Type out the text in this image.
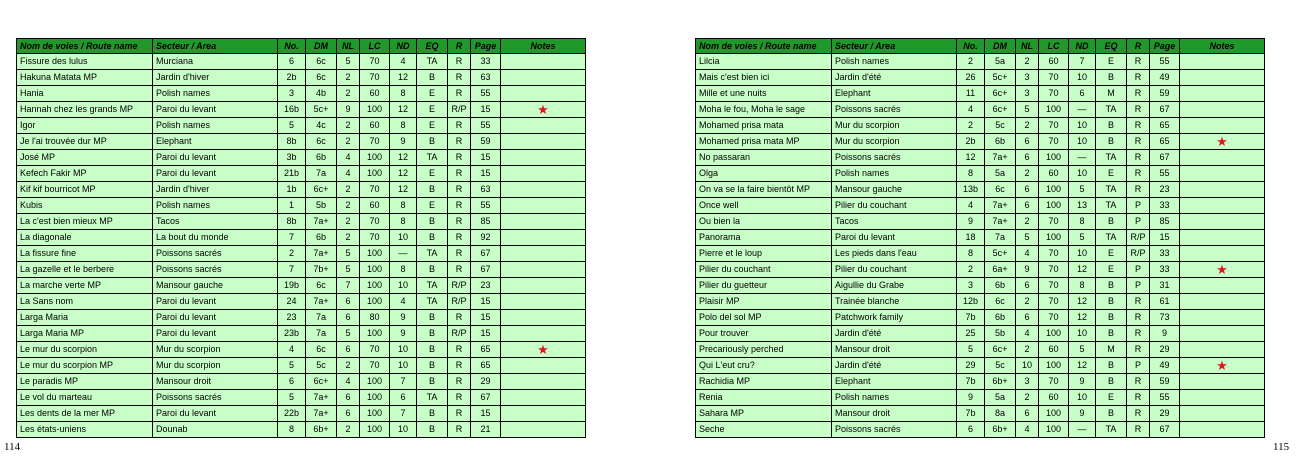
Nom de voies / Route name	Secteur / Area	No.	DM	NL	LC	ND	EQ	R	Page	Notes
Fissure des lulus	Murciana	6	6c	5	70	4	TA	R	33	
Hakuna Matata MP	Jardin d'hiver	2b	6c	2	70	12	B	R	63	
Hania	Polish names	3	4b	2	60	8	E	R	55	
Hannah chez les grands MP	Paroi du levant	16b	5c+	9	100	12	E	R/P	15	★
Igor	Polish names	5	4c	2	60	8	E	R	55	
Je l'ai trouvée dur MP	Elephant	8b	6c	2	70	9	B	R	59	
José MP	Paroi du levant	3b	6b	4	100	12	TA	R	15	
Kefech Fakir MP	Paroi du levant	21b	7a	4	100	12	E	R	15	
Kif kif bourricot MP	Jardin d'hiver	1b	6c+	2	70	12	B	R	63	
Kubis	Polish names	1	5b	2	60	8	E	R	55	
La c'est bien mieux MP	Tacos	8b	7a+	2	70	8	B	R	85	
La diagonale	La bout du monde	7	6b	2	70	10	B	R	92	
La fissure fine	Poissons sacrés	2	7a+	5	100	—	TA	R	67	
La gazelle et le berbere	Poissons sacrés	7	7b+	5	100	8	B	R	67	
La marche verte MP	Mansour gauche	19b	6c	7	100	10	TA	R/P	23	
La Sans nom	Paroi du levant	24	7a+	6	100	4	TA	R/P	15	
Larga Maria	Paroi du levant	23	7a	6	80	9	B	R	15	
Larga Maria MP	Paroi du levant	23b	7a	5	100	9	B	R/P	15	
Le mur du scorpion	Mur du scorpion	4	6c	6	70	10	B	R	65	★
Le mur du scorpion MP	Mur du scorpion	5	5c	2	70	10	B	R	65	
Le paradis MP	Mansour droit	6	6c+	4	100	7	B	R	29	
Le vol du marteau	Poissons sacrés	5	7a+	6	100	6	TA	R	67	
Les dents de la mer MP	Paroi du levant	22b	7a+	6	100	7	B	R	15	
Les états-uniens	Dounab	8	6b+	2	100	10	B	R	21	
114
Nom de voies / Route name	Secteur / Area	No.	DM	NL	LC	ND	EQ	R	Page	Notes
Lilcia	Polish names	2	5a	2	60	7	E	R	55	
Mais c'est bien ici	Jardin d'été	26	5c+	3	70	10	B	R	49	
Mille et une nuits	Elephant	11	6c+	3	70	6	M	R	59	
Moha le fou, Moha le sage	Poissons sacrés	4	6c+	5	100	—	TA	R	67	
Mohamed prisa mata	Mur du scorpion	2	5c	2	70	10	B	R	65	
Mohamed prisa mata MP	Mur du scorpion	2b	6b	6	70	10	B	R	65	★
No passaran	Poissons sacrés	12	7a+	6	100	—	TA	R	67	
Olga	Polish names	8	5a	2	60	10	E	R	55	
On va se la faire bientôt MP	Mansour gauche	13b	6c	6	100	5	TA	R	23	
Once well	Pilier du couchant	4	7a+	6	100	13	TA	P	33	
Ou bien la	Tacos	9	7a+	2	70	8	B	P	85	
Panorama	Paroi du levant	18	7a	5	100	5	TA	R/P	15	
Pierre et le loup	Les pieds dans l'eau	8	5c+	4	70	10	E	R/P	33	
Pilier du couchant	Pilier du couchant	2	6a+	9	70	12	E	P	33	★
Pilier du guetteur	Aigullie du Grabe	3	6b	6	70	8	B	P	31	
Plaisir MP	Trainée blanche	12b	6c	2	70	12	B	R	61	
Polo del sol MP	Patchwork family	7b	6b	6	70	12	B	R	73	
Pour trouver	Jardin d'été	25	5b	4	100	10	B	R	9	
Precariously perched	Mansour droit	5	6c+	2	60	5	M	R	29	
Qui L'eut cru?	Jardin d'été	29	5c	10	100	12	B	P	49	★
Rachidia MP	Elephant	7b	6b+	3	70	9	B	R	59	
Renia	Polish names	9	5a	2	60	10	E	R	55	
Sahara MP	Mansour droit	7b	8a	6	100	9	B	R	29	
Seche	Poissons sacrés	6	6b+	4	100	—	TA	R	67	
115
